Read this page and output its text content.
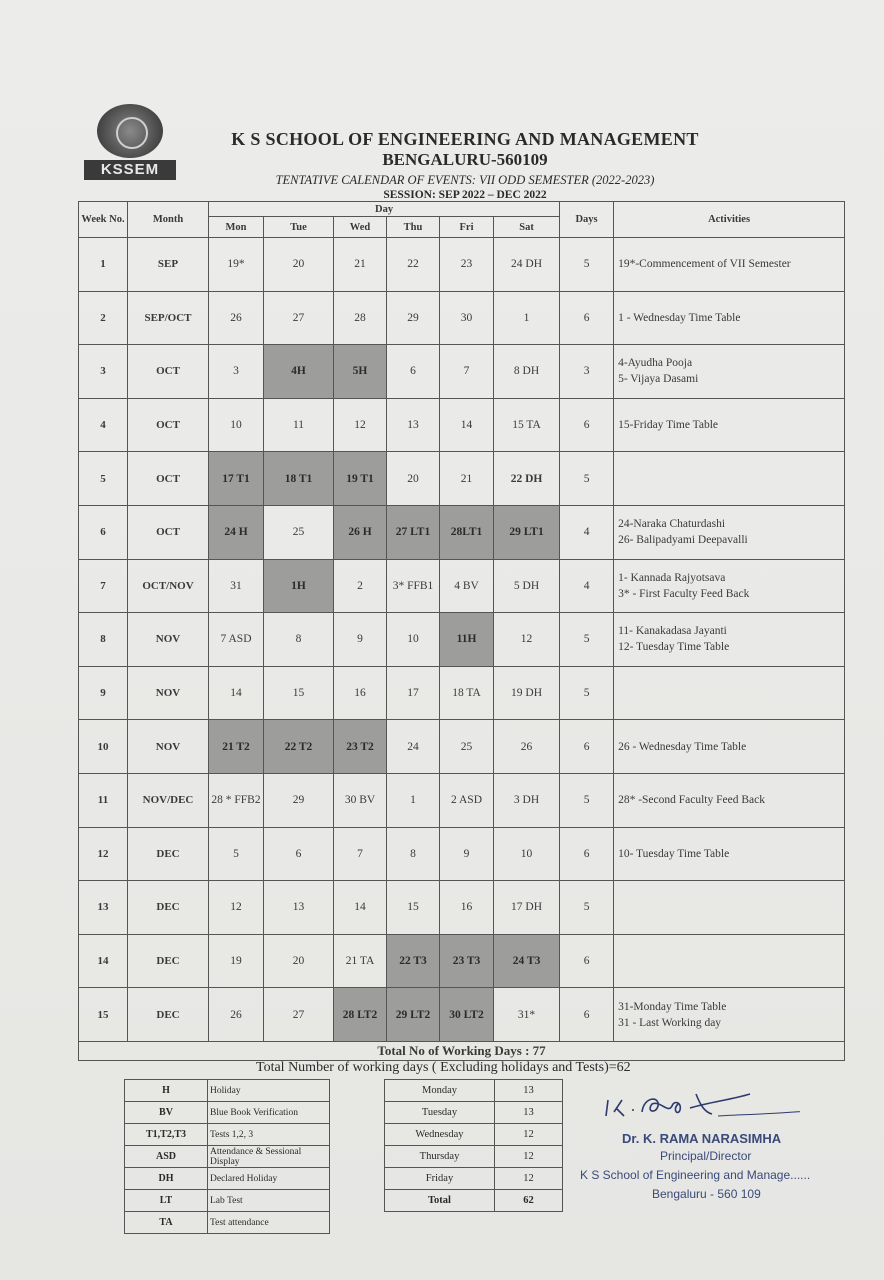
KSSEM
K S SCHOOL OF ENGINEERING AND MANAGEMENT
BENGALURU-560109
TENTATIVE CALENDAR OF EVENTS: VII ODD SEMESTER (2022-2023)
SESSION: SEP 2022 – DEC 2022
Week No.	Month	Day						Days	Activities
		Mon	Tue	Wed	Thu	Fri	Sat		
1	SEP	19*	20	21	22	23	24 DH	5	19*-Commencement of VII Semester

2	SEP/OCT	26	27	28	29	30	1	6	1 - Wednesday Time Table

3	OCT	3	4H	5H	6	7	8 DH	3	4-Ayudha Pooja
5- Vijaya Dasami

4	OCT	10	11	12	13	14	15 TA	6	15-Friday Time Table

5	OCT	17 T1	18 T1	19 T1	20	21	22 DH	5	
6	OCT	24 H	25	26 H	27 LT1	28LT1	29 LT1	4	24-Naraka Chaturdashi
26- Balipadyami Deepavalli

7	OCT/NOV	31	1H	2	3* FFB1	4 BV	5 DH	4	1- Kannada Rajyotsava
3* - First Faculty Feed Back

8	NOV	7 ASD	8	9	10	11H	12	5	11- Kanakadasa Jayanti
12- Tuesday Time Table

9	NOV	14	15	16	17	18 TA	19 DH	5	
10	NOV	21 T2	22 T2	23 T2	24	25	26	6	26 - Wednesday Time Table

11	NOV/DEC	28 * FFB2	29	30 BV	1	2 ASD	3 DH	5	28* -Second Faculty Feed Back

12	DEC	5	6	7	8	9	10	6	10- Tuesday Time Table

13	DEC	12	13	14	15	16	17 DH	5	
14	DEC	19	20	21 TA	22 T3	23 T3	24 T3	6	
15	DEC	26	27	28 LT2	29 LT2	30 LT2	31*	6	31-Monday Time Table
31 - Last Working day

Total No of Working Days : 77									
Total Number of working days ( Excluding holidays and Tests)=62
H	Holiday
BV	Blue Book Verification
T1,T2,T3	Tests 1,2, 3
ASD	Attendance & Sessional Display
DH	Declared Holiday
LT	Lab Test
TA	Test attendance
Monday	13
Tuesday	13
Wednesday	12
Thursday	12
Friday	12
Total	62
Dr. K. RAMA NARASIMHA
Principal/Director
K S School of Engineering and Manage......
Bengaluru - 560 109
